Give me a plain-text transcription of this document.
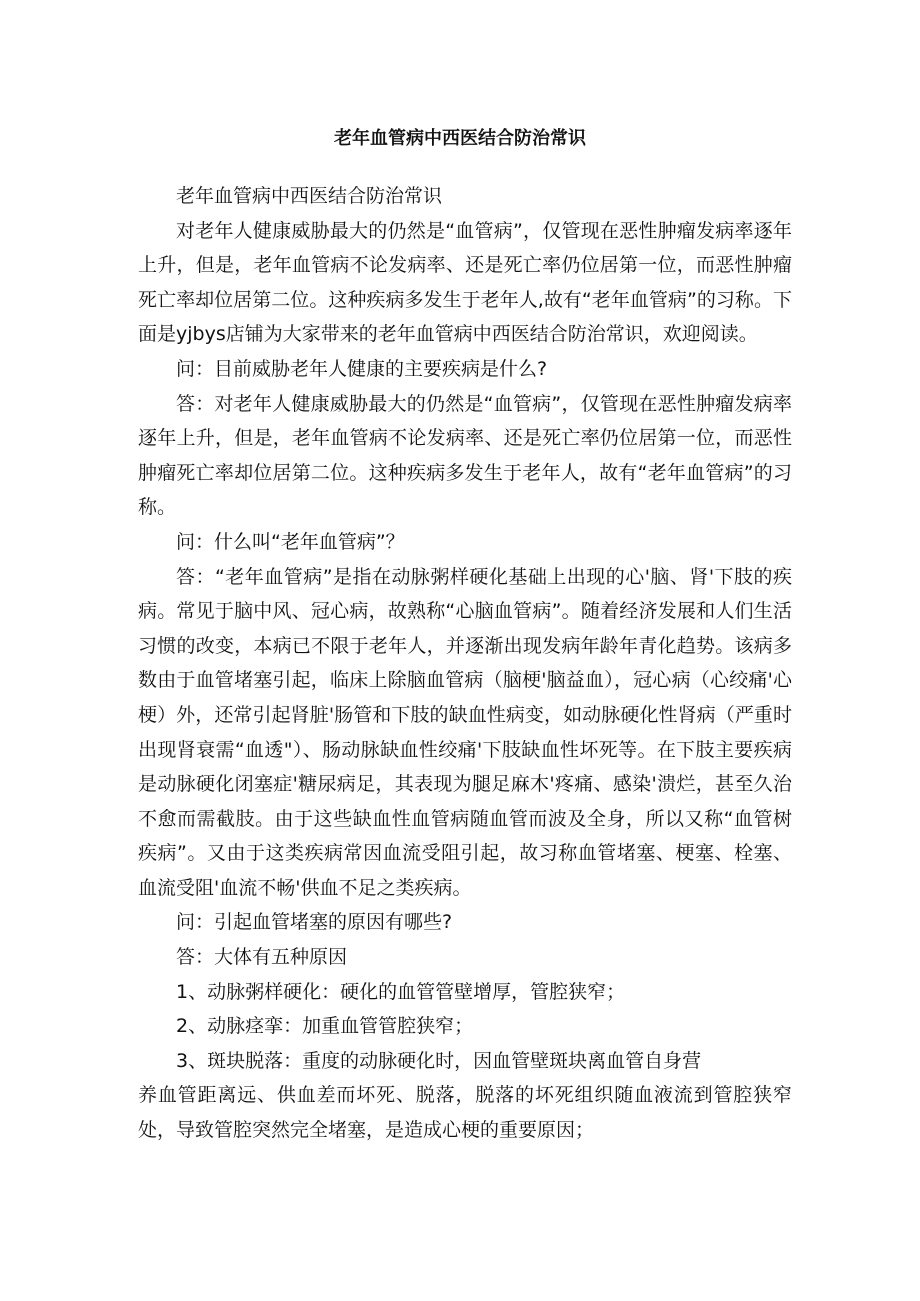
老年血管病中西医结合防治常识

老年血管病中西医结合防治常识

对老年人健康威胁最大的仍然是“血管病”，仅管现在恶性肿瘤发病率逐年上升，但是，老年血管病不论发病率、还是死亡率仍位居第一位，而恶性肿瘤死亡率却位居第二位。这种疾病多发生于老年人,故有“老年血管病”的习称。下面是yjbys店铺为大家带来的老年血管病中西医结合防治常识，欢迎阅读。

问：目前威胁老年人健康的主要疾病是什么?

答：对老年人健康威胁最大的仍然是“血管病”，仅管现在恶性肿瘤发病率逐年上升，但是，老年血管病不论发病率、还是死亡率仍位居第一位，而恶性肿瘤死亡率却位居第二位。这种疾病多发生于老年人，故有“老年血管病”的习称。

问：什么叫“老年血管病”？

答：“老年血管病”是指在动脉粥样硬化基础上出现的心'脑、肾'下肢的疾病。常见于脑中风、冠心病，故熟称“心脑血管病”。随着经济发展和人们生活习惯的改变，本病已不限于老年人，并逐渐出现发病年龄年青化趋势。该病多数由于血管堵塞引起，临床上除脑血管病（脑梗'脑益血），冠心病（心绞痛'心梗）外，还常引起肾脏'肠管和下肢的缺血性病变，如动脉硬化性肾病（严重时出现肾衰需“血透"）、肠动脉缺血性绞痛'下肢缺血性坏死等。在下肢主要疾病是动脉硬化闭塞症'糖尿病足，其表现为腿足麻木'疼痛、感染'溃烂，甚至久治不愈而需截肢。由于这些缺血性血管病随血管而波及全身，所以又称“血管树疾病”。又由于这类疾病常因血流受阻引起，故习称血管堵塞、梗塞、栓塞、血流受阻'血流不畅'供血不足之类疾病。

问：引起血管堵塞的原因有哪些?

答：大体有五种原因

1、动脉粥样硬化：硬化的血管管壁增厚，管腔狭窄；

2、动脉痉挛：加重血管管腔狭窄；

3、斑块脱落：重度的动脉硬化时，因血管壁斑块离血管自身营

养血管距离远、供血差而坏死、脱落，脱落的坏死组织随血液流到管腔狭窄处，导致管腔突然完全堵塞，是造成心梗的重要原因；
